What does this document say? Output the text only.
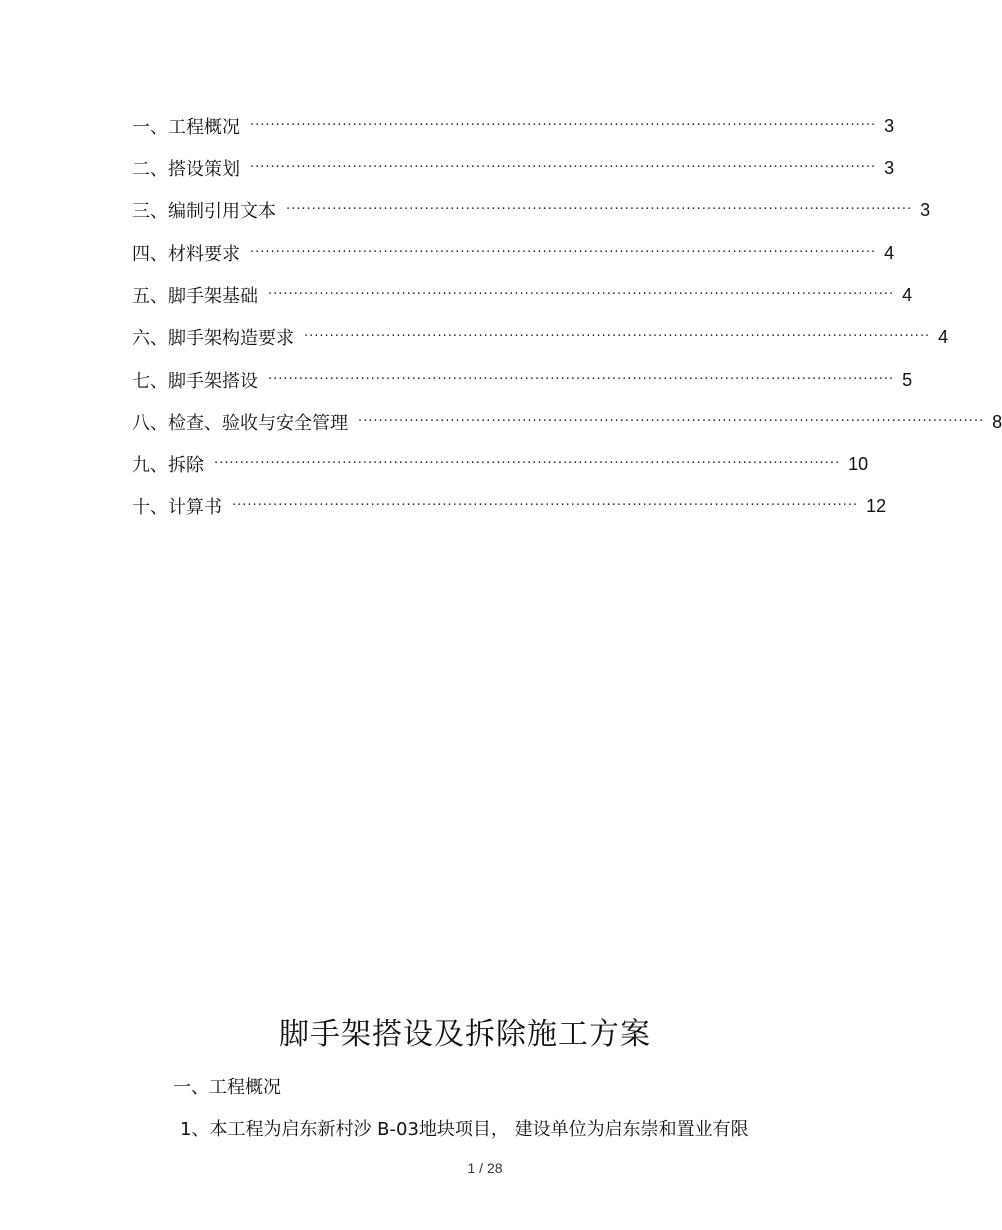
一、工程概况 ·························································································································· 3
二、搭设策划 ·························································································································· 3
三、编制引用文本 ·························································································································· 3
四、材料要求 ·························································································································· 4
五、脚手架基础 ·························································································································· 4
六、脚手架构造要求 ·························································································································· 4
七、脚手架搭设 ·························································································································· 5
八、检查、验收与安全管理 ·························································································································· 8
九、拆除 ·························································································································· 10
十、计算书 ·························································································································· 12
脚手架搭设及拆除施工方案
一、工程概况
1、本工程为启东新村沙 B-03地块项目， 建设单位为启东崇和置业有限
1 / 28
